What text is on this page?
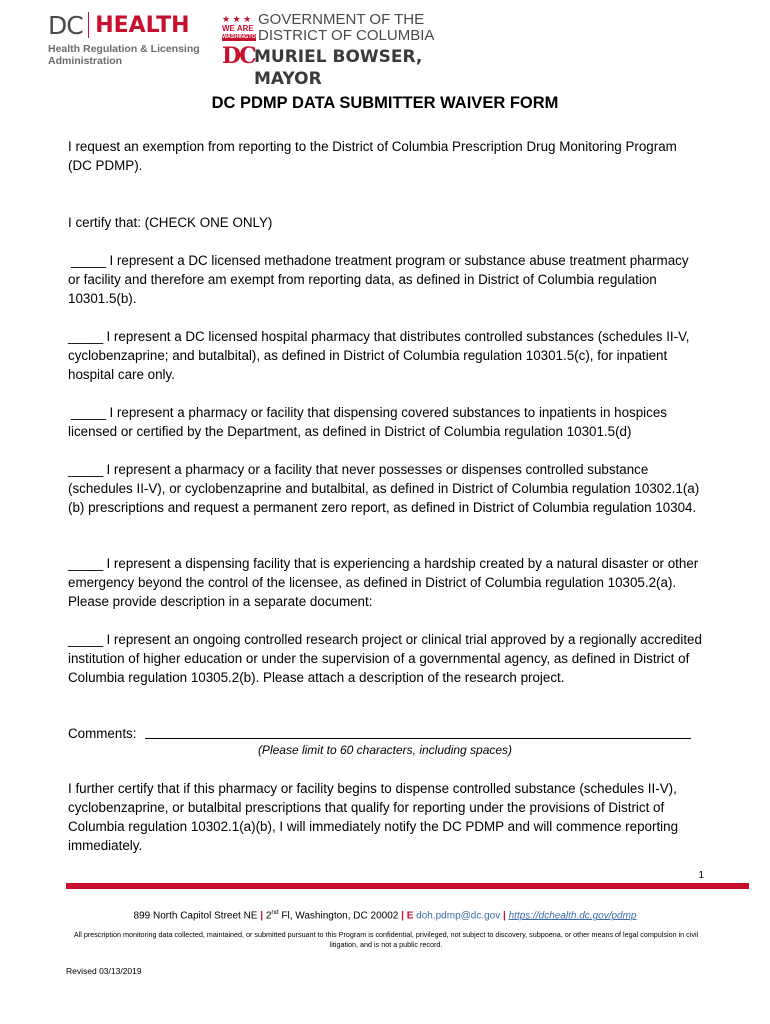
DC HEALTH
Health Regulation & Licensing
Administration
★ ★ ★
WE ARE
WASHINGTON
GOVERNMENT OF THE
DISTRICT OF COLUMBIA
DC MURIEL BOWSER, MAYOR
DC PDMP DATA SUBMITTER WAIVER FORM
I request an exemption from reporting to the District of Columbia Prescription Drug Monitoring Program (DC PDMP).
I certify that: (CHECK ONE ONLY)
_____ I represent a DC licensed methadone treatment program or substance abuse treatment pharmacy or facility and therefore am exempt from reporting data, as defined in District of Columbia regulation 10301.5(b).
_____ I represent a DC licensed hospital pharmacy that distributes controlled substances (schedules II-V, cyclobenzaprine; and butalbital), as defined in District of Columbia regulation 10301.5(c), for inpatient hospital care only.
_____ I represent a pharmacy or facility that dispensing covered substances to inpatients in hospices licensed or certified by the Department, as defined in District of Columbia regulation 10301.5(d)
_____ I represent a pharmacy or a facility that never possesses or dispenses controlled substance (schedules II-V), or cyclobenzaprine and butalbital, as defined in District of Columbia regulation 10302.1(a)(b) prescriptions and request a permanent zero report, as defined in District of Columbia regulation 10304.
_____ I represent a dispensing facility that is experiencing a hardship created by a natural disaster or other emergency beyond the control of the licensee, as defined in District of Columbia regulation 10305.2(a). Please provide description in a separate document:
_____ I represent an ongoing controlled research project or clinical trial approved by a regionally accredited institution of higher education or under the supervision of a governmental agency, as defined in District of Columbia regulation 10305.2(b). Please attach a description of the research project.
Comments:
(Please limit to 60 characters, including spaces)
I further certify that if this pharmacy or facility begins to dispense controlled substance (schedules II-V), cyclobenzaprine, or butalbital prescriptions that qualify for reporting under the provisions of District of Columbia regulation 10302.1(a)(b), I will immediately notify the DC PDMP and will commence reporting immediately.
1
899 North Capitol Street NE | 2nd Fl, Washington, DC 20002 | E doh.pdmp@dc.gov | https://dchealth.dc.gov/pdmp
All prescription monitoring data collected, maintained, or submitted pursuant to this Program is confidential, privileged, not subject to discovery, subpoena, or other means of legal compulsion in civil litigation, and is not a public record.
Revised 03/13/2019
